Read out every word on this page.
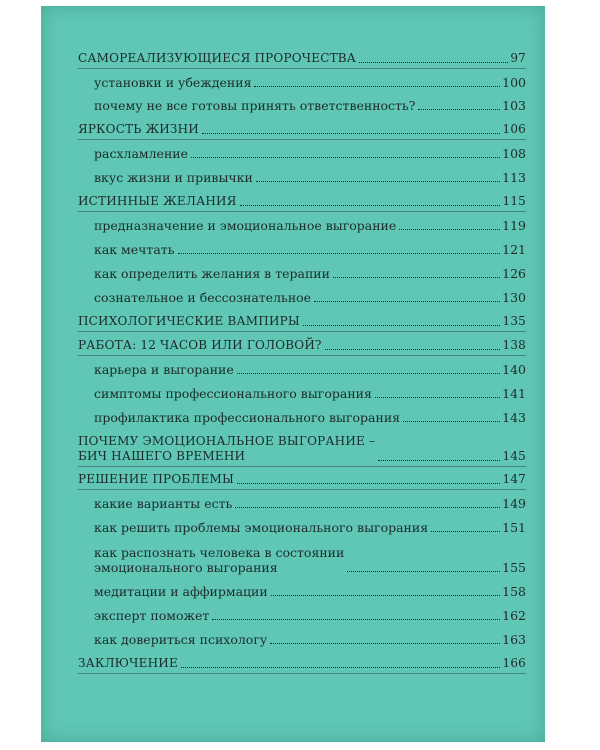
САМОРЕАЛИЗУЮЩИЕСЯ ПРОРОЧЕСТВА	97
установки и убеждения	100
почему не все готовы принять ответственность?	103
ЯРКОСТЬ ЖИЗНИ	106
расхламление	108
вкус жизни и привычки	113
ИСТИННЫЕ ЖЕЛАНИЯ	115
предназначение и эмоциональное выгорание	119
как мечтать	121
как определить желания в терапии	126
сознательное и бессознательное	130
ПСИХОЛОГИЧЕСКИЕ ВАМПИРЫ	135
РАБОТА: 12 ЧАСОВ ИЛИ ГОЛОВОЙ?	138
карьера и выгорание	140
симптомы профессионального выгорания	141
профилактика профессионального выгорания	143
ПОЧЕМУ ЭМОЦИОНАЛЬНОЕ ВЫГОРАНИЕ –
БИЧ НАШЕГО ВРЕМЕНИ	145
РЕШЕНИЕ ПРОБЛЕМЫ	147
какие варианты есть	149
как решить проблемы эмоционального выгорания	151
как распознать человека в состоянии
эмоционального выгорания	155
медитации и аффирмации	158
эксперт поможет	162
как довериться психологу	163
ЗАКЛЮЧЕНИЕ	166
